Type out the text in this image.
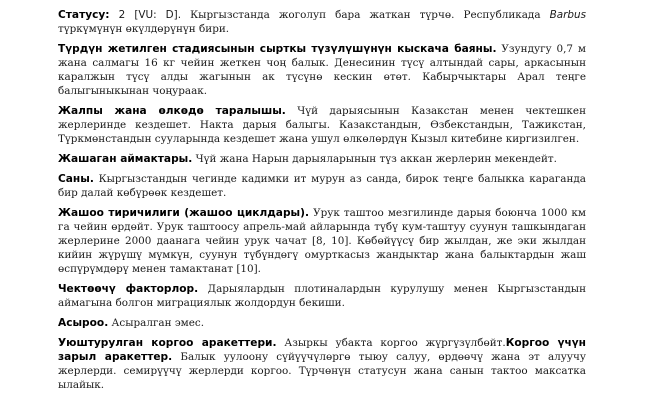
Статусу: 2 [VU: D]. Кыргызстанда жоголуп бара жаткан түрчө. Республикада Barbus түркүмүнүн өкүлдөрүнүн бири.

Түрдүн жетилген стадиясынын сырткы түзүлүшүнүн кыскача баяны. Узундугу 0,7 м жана салмагы 16 кг чейин жеткен чоң балык. Денесинин түсү алтындай сары, аркасынын каралжын түсү алды жагынын ак түсүнө кескин өтөт. Кабырчыктары Арал теңге балыгыныкынан чоңураак.

Жалпы жана өлкөдө таралышы. Чүй дарыясынын Казакстан менен чектешкен жерлеринде кездешет. Накта дарыя балыгы. Казакстандын, Өзбекстандын, Тажикстан, Түркмөнстандын сууларында кездешет жана ушул өлкөлөрдүн Кызыл китебине киргизилген.

Жашаган аймактары. Чүй жана Нарын дарыяларынын түз аккан жерлерин мекендейт.

Саны. Кыргызстандын чегинде кадимки ит мурун аз санда, бирок теңге балыкка караганда бир далай көбүрөөк кездешет.

Жашоо тиричилиги (жашоо циклдары). Урук таштоо мезгилинде дарыя боюнча 1000 км га чейин өрдөйт. Урук таштоосу апрель-май айларында түбү кум-таштуу суунун ташкындаган жерлерине 2000 даанага чейин урук чачат [8, 10]. Көбөйүүсү бир жылдан, же эки жылдан кийин жүрүшү мүмкүн, суунун түбүндөгү омурткасыз жандыктар жана балыктардын жаш өспүрүмдөрү менен тамактанат [10].

Чектөөчү факторлор. Дарыялардын плотиналардын курулушу менен Кыргызстандын аймагына болгон миграциялык жолдордун бекиши.

Асыроо. Асыралган эмес.

Уюштурулган коргоо аракеттери. Азыркы убакта коргоо жүргүзүлбөйт.Коргоо үчүн зарыл аракеттер. Балык уулоону сүйүүчүлөргө тыюу салуу, өрдөөчү жана эт алуучу жерлерди. семирүүчү жерлерди коргоо. Түрчөнүн статусун жана санын тактоо максатка ылайык.
